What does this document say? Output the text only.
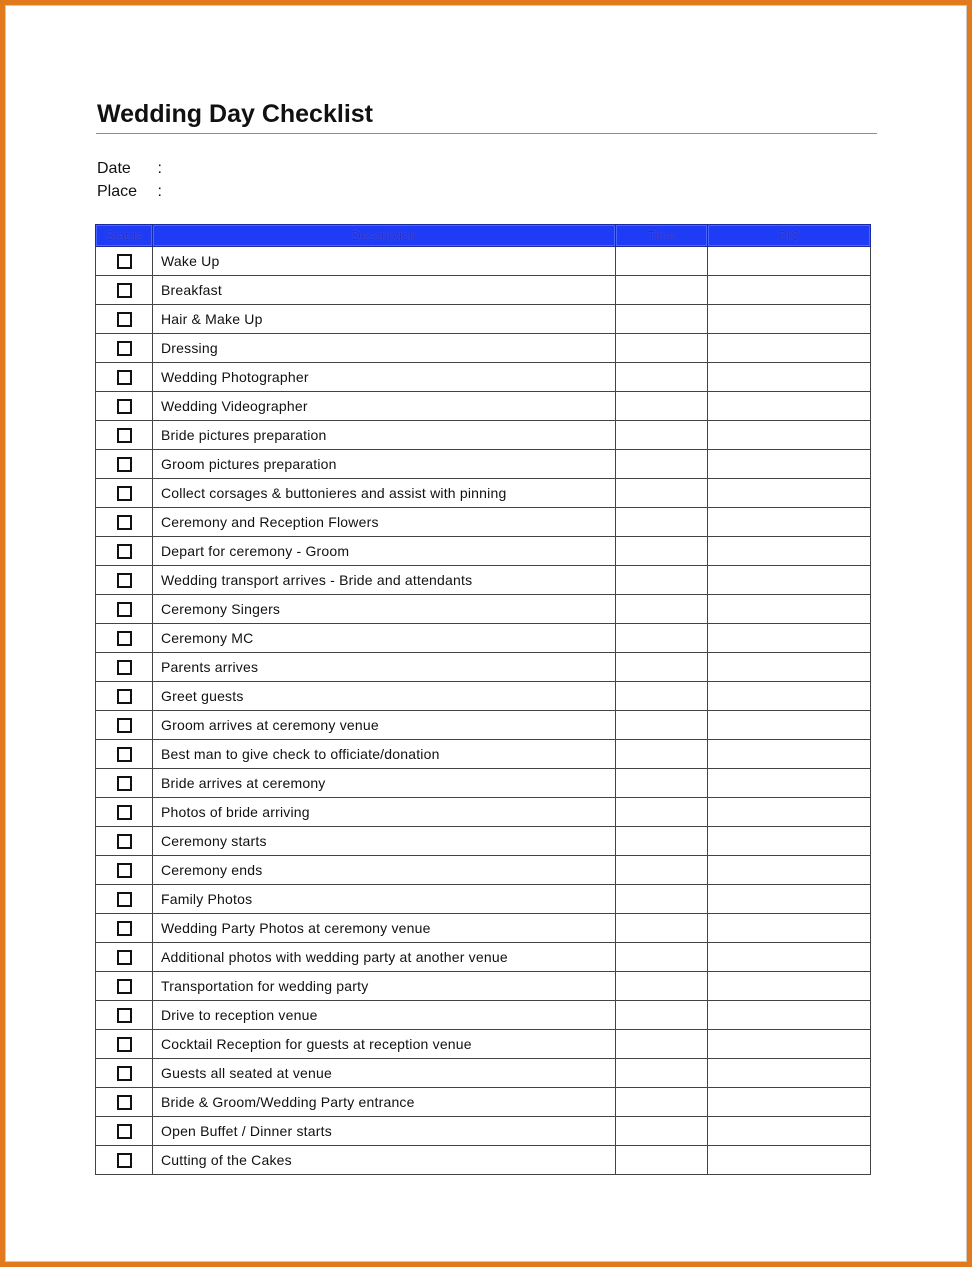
Wedding Day Checklist
Date :
Place :
Status	Description	Time	PIC
	Wake Up		
	Breakfast		
	Hair & Make Up		
	Dressing		
	Wedding Photographer		
	Wedding Videographer		
	Bride pictures preparation		
	Groom pictures preparation		
	Collect corsages & buttonieres and assist with pinning		
	Ceremony and Reception Flowers		
	Depart for ceremony - Groom		
	Wedding transport arrives - Bride and attendants		
	Ceremony Singers		
	Ceremony MC		
	Parents arrives		
	Greet guests		
	Groom arrives at ceremony venue		
	Best man to give check to officiate/donation		
	Bride arrives at ceremony		
	Photos of bride arriving		
	Ceremony starts		
	Ceremony ends		
	Family Photos		
	Wedding Party Photos at ceremony venue		
	Additional photos with wedding party at another venue		
	Transportation for wedding party		
	Drive to reception venue		
	Cocktail Reception for guests at reception venue		
	Guests all seated at venue		
	Bride & Groom/Wedding Party entrance		
	Open Buffet / Dinner starts		
	Cutting of the Cakes		
